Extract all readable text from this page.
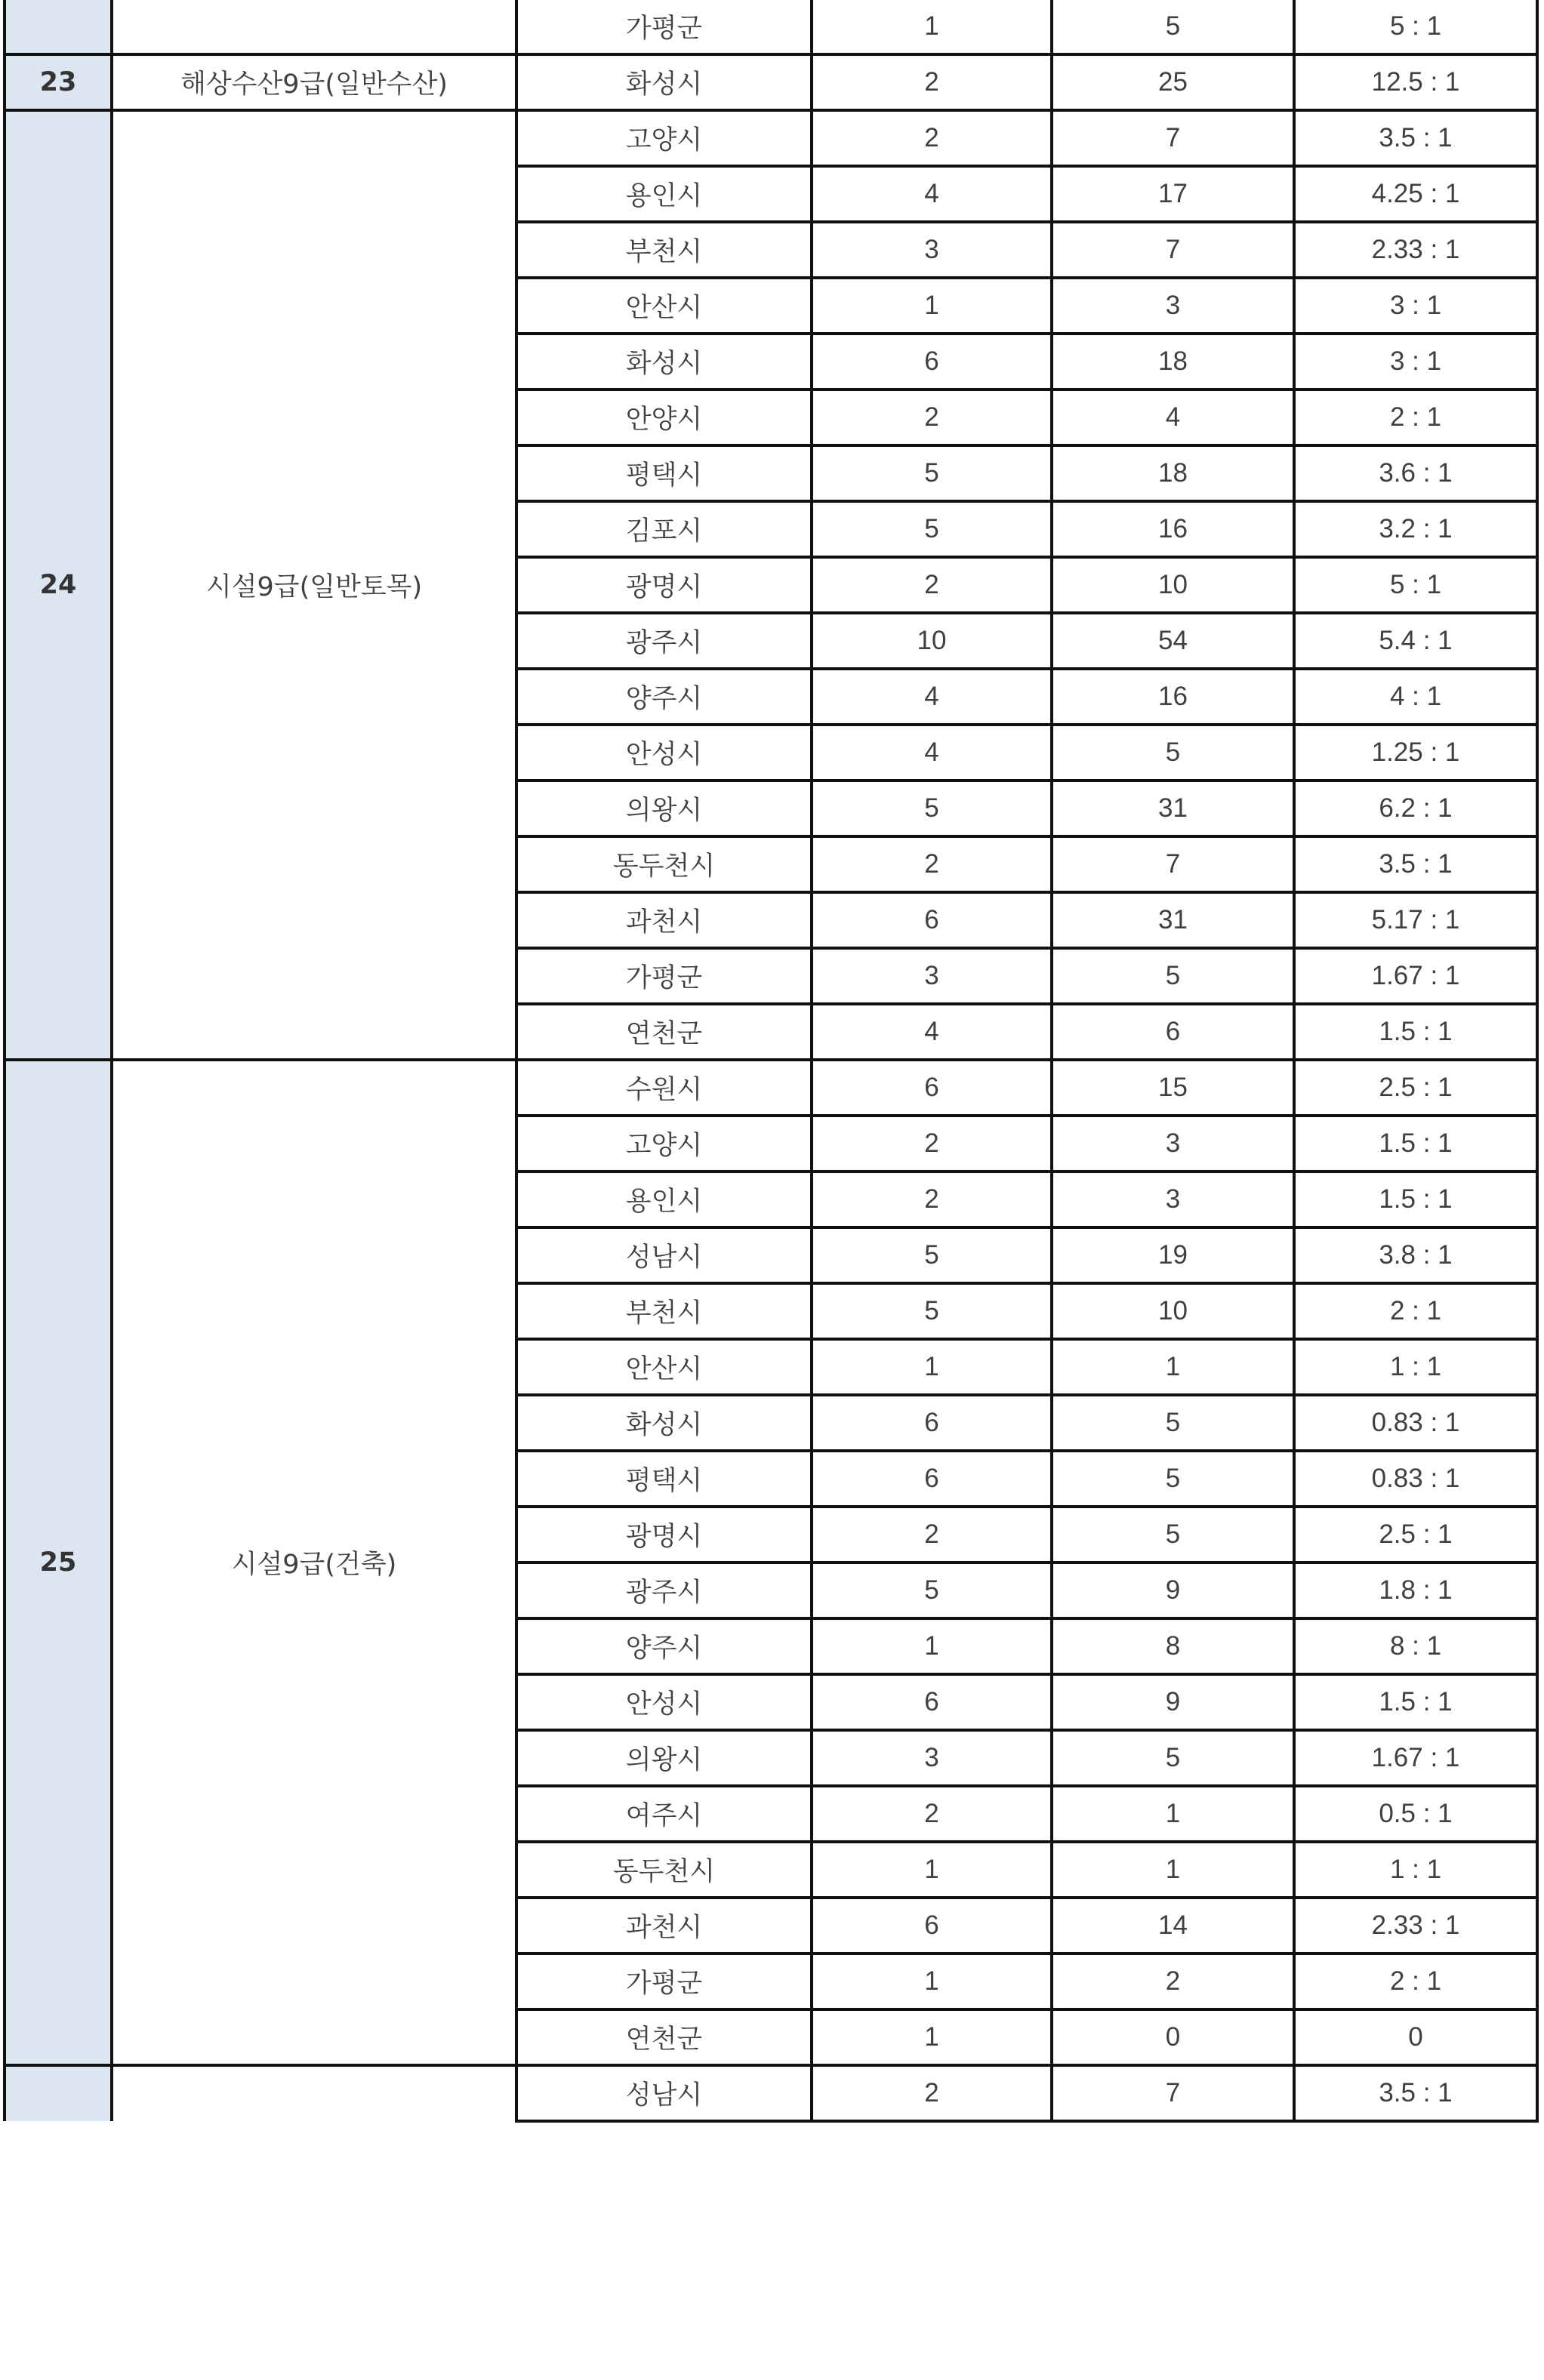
		가평군	1	5	5 : 1
23	해상수산9급(일반수산)	화성시	2	25	12.5 : 1
24	시설9급(일반토목)	고양시	2	7	3.5 : 1
		용인시	4	17	4.25 : 1
		부천시	3	7	2.33 : 1
		안산시	1	3	3 : 1
		화성시	6	18	3 : 1
		안양시	2	4	2 : 1
		평택시	5	18	3.6 : 1
		김포시	5	16	3.2 : 1
		광명시	2	10	5 : 1
		광주시	10	54	5.4 : 1
		양주시	4	16	4 : 1
		안성시	4	5	1.25 : 1
		의왕시	5	31	6.2 : 1
		동두천시	2	7	3.5 : 1
		과천시	6	31	5.17 : 1
		가평군	3	5	1.67 : 1
		연천군	4	6	1.5 : 1
25	시설9급(건축)	수원시	6	15	2.5 : 1
		고양시	2	3	1.5 : 1
		용인시	2	3	1.5 : 1
		성남시	5	19	3.8 : 1
		부천시	5	10	2 : 1
		안산시	1	1	1 : 1
		화성시	6	5	0.83 : 1
		평택시	6	5	0.83 : 1
		광명시	2	5	2.5 : 1
		광주시	5	9	1.8 : 1
		양주시	1	8	8 : 1
		안성시	6	9	1.5 : 1
		의왕시	3	5	1.67 : 1
		여주시	2	1	0.5 : 1
		동두천시	1	1	1 : 1
		과천시	6	14	2.33 : 1
		가평군	1	2	2 : 1
		연천군	1	0	0
		성남시	2	7	3.5 : 1
